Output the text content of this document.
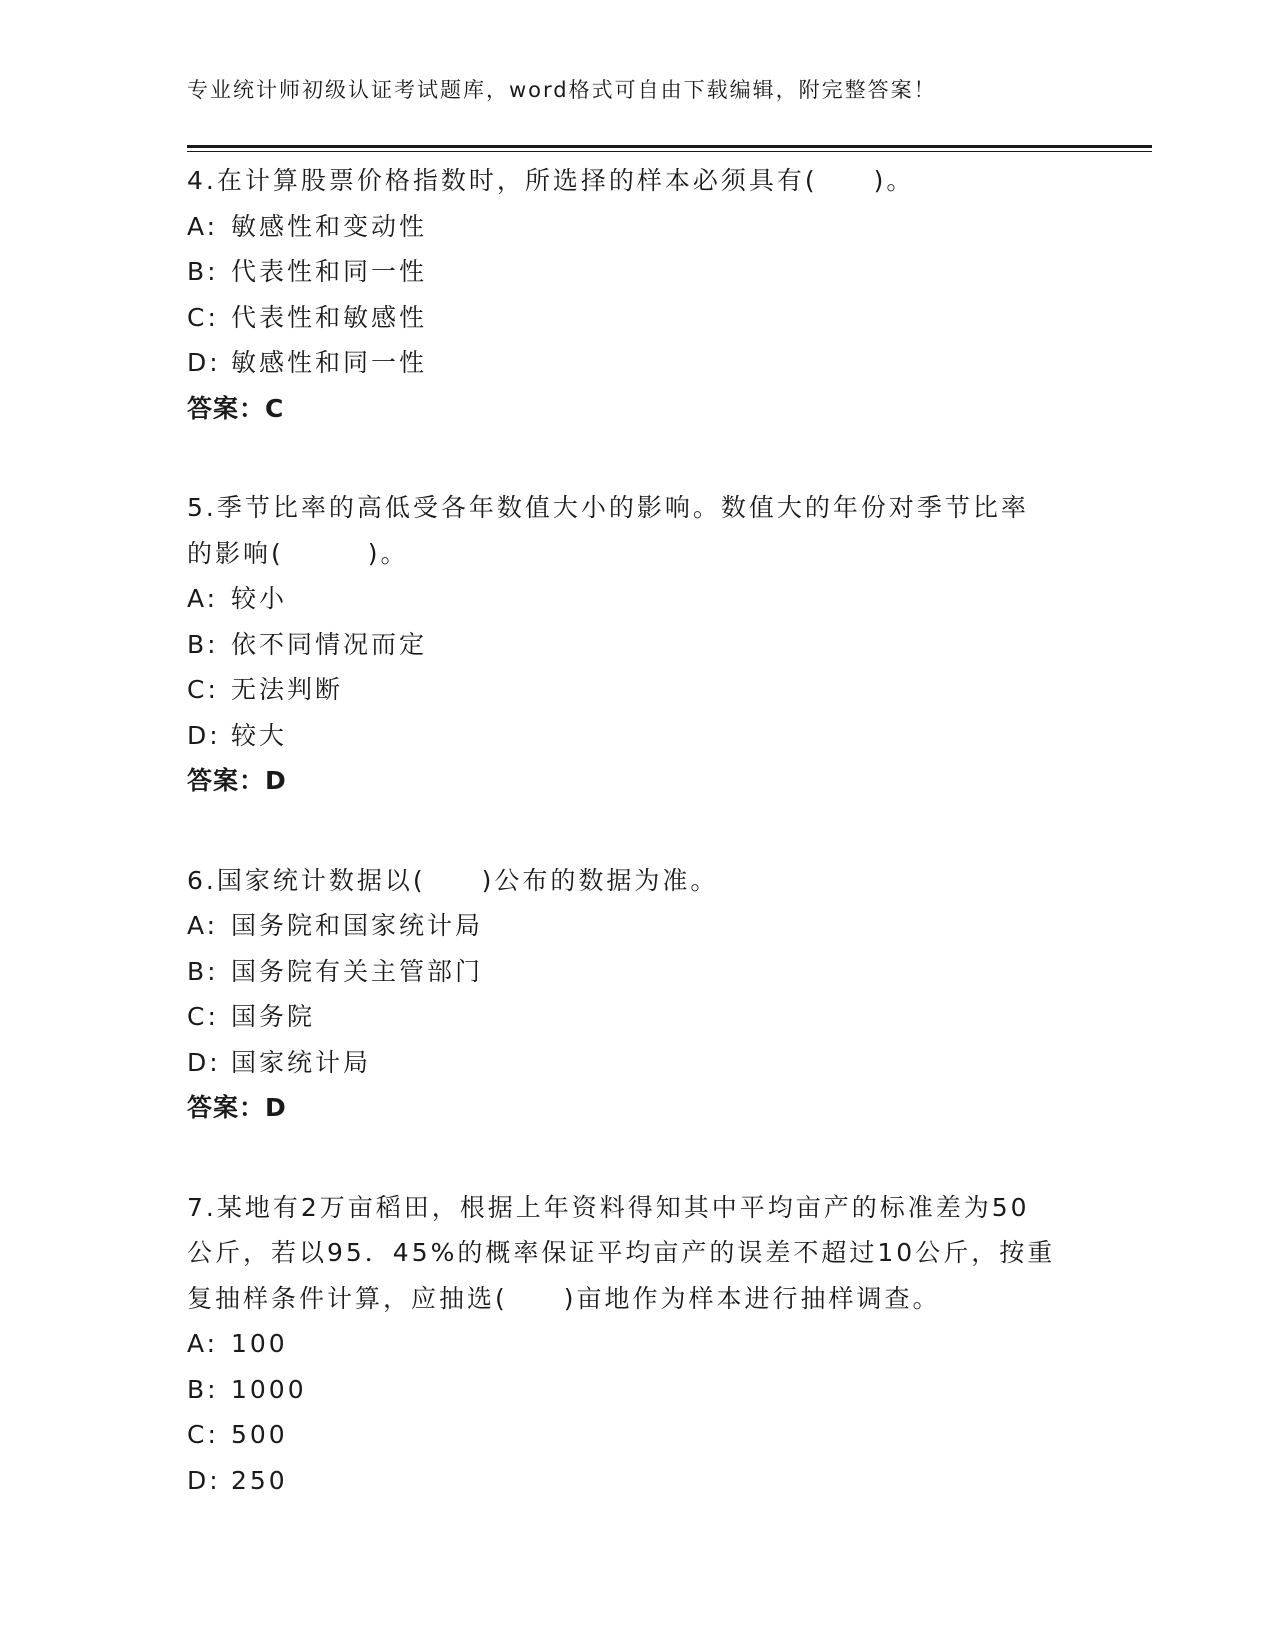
专业统计师初级认证考试题库，word格式可自由下载编辑，附完整答案！
4.在计算股票价格指数时，所选择的样本必须具有(　　)。
A: 敏感性和变动性
B: 代表性和同一性
C: 代表性和敏感性
D: 敏感性和同一性
答案：C
5.季节比率的高低受各年数值大小的影响。数值大的年份对季节比率
的影响(　　　)。
A: 较小
B: 依不同情况而定
C: 无法判断
D: 较大
答案：D
6.国家统计数据以(　　)公布的数据为准。
A: 国务院和国家统计局
B: 国务院有关主管部门
C: 国务院
D: 国家统计局
答案：D
7.某地有2万亩稻田，根据上年资料得知其中平均亩产的标准差为50
公斤，若以95．45%的概率保证平均亩产的误差不超过10公斤，按重
复抽样条件计算，应抽选(　　)亩地作为样本进行抽样调查。
A: 100
B: 1000
C: 500
D: 250
